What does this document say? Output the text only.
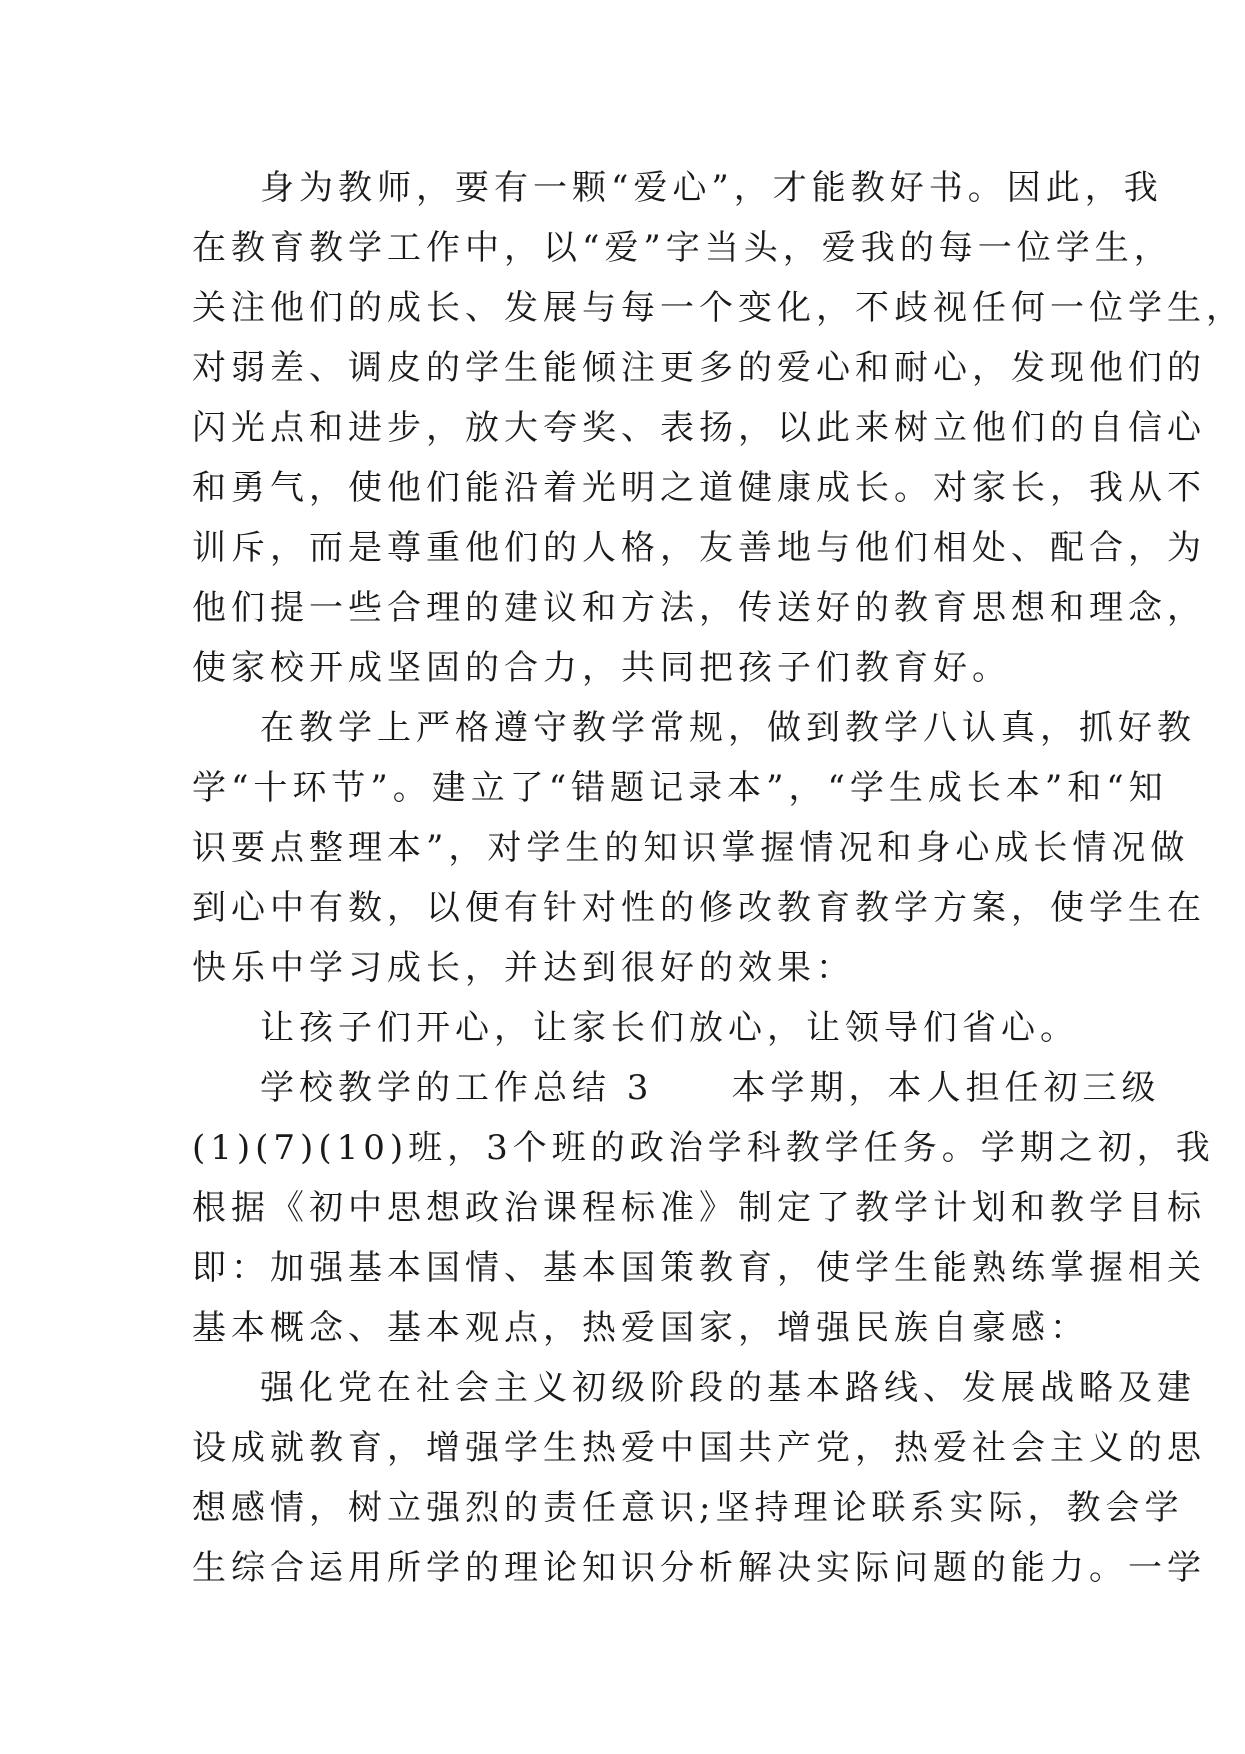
身为教师，要有一颗“爱心”，才能教好书。因此，我
在教育教学工作中，以“爱”字当头，爱我的每一位学生，
关注他们的成长、发展与每一个变化，不歧视任何一位学生，
对弱差、调皮的学生能倾注更多的爱心和耐心，发现他们的
闪光点和进步，放大夸奖、表扬，以此来树立他们的自信心
和勇气，使他们能沿着光明之道健康成长。对家长，我从不
训斥，而是尊重他们的人格，友善地与他们相处、配合，为
他们提一些合理的建议和方法，传送好的教育思想和理念，
使家校开成坚固的合力，共同把孩子们教育好。
在教学上严格遵守教学常规，做到教学八认真，抓好教
学“十环节”。建立了“错题记录本”，“学生成长本”和“知
识要点整理本”，对学生的知识掌握情况和身心成长情况做
到心中有数，以便有针对性的修改教育教学方案，使学生在
快乐中学习成长，并达到很好的效果：
让孩子们开心，让家长们放心，让领导们省心。
学校教学的工作总结 3　　本学期，本人担任初三级
(1)(7)(10)班，3个班的政治学科教学任务。学期之初，我
根据《初中思想政治课程标准》制定了教学计划和教学目标
即：加强基本国情、基本国策教育，使学生能熟练掌握相关
基本概念、基本观点，热爱国家，增强民族自豪感：
强化党在社会主义初级阶段的基本路线、发展战略及建
设成就教育，增强学生热爱中国共产党，热爱社会主义的思
想感情，树立强烈的责任意识;坚持理论联系实际，教会学
生综合运用所学的理论知识分析解决实际问题的能力。一学
